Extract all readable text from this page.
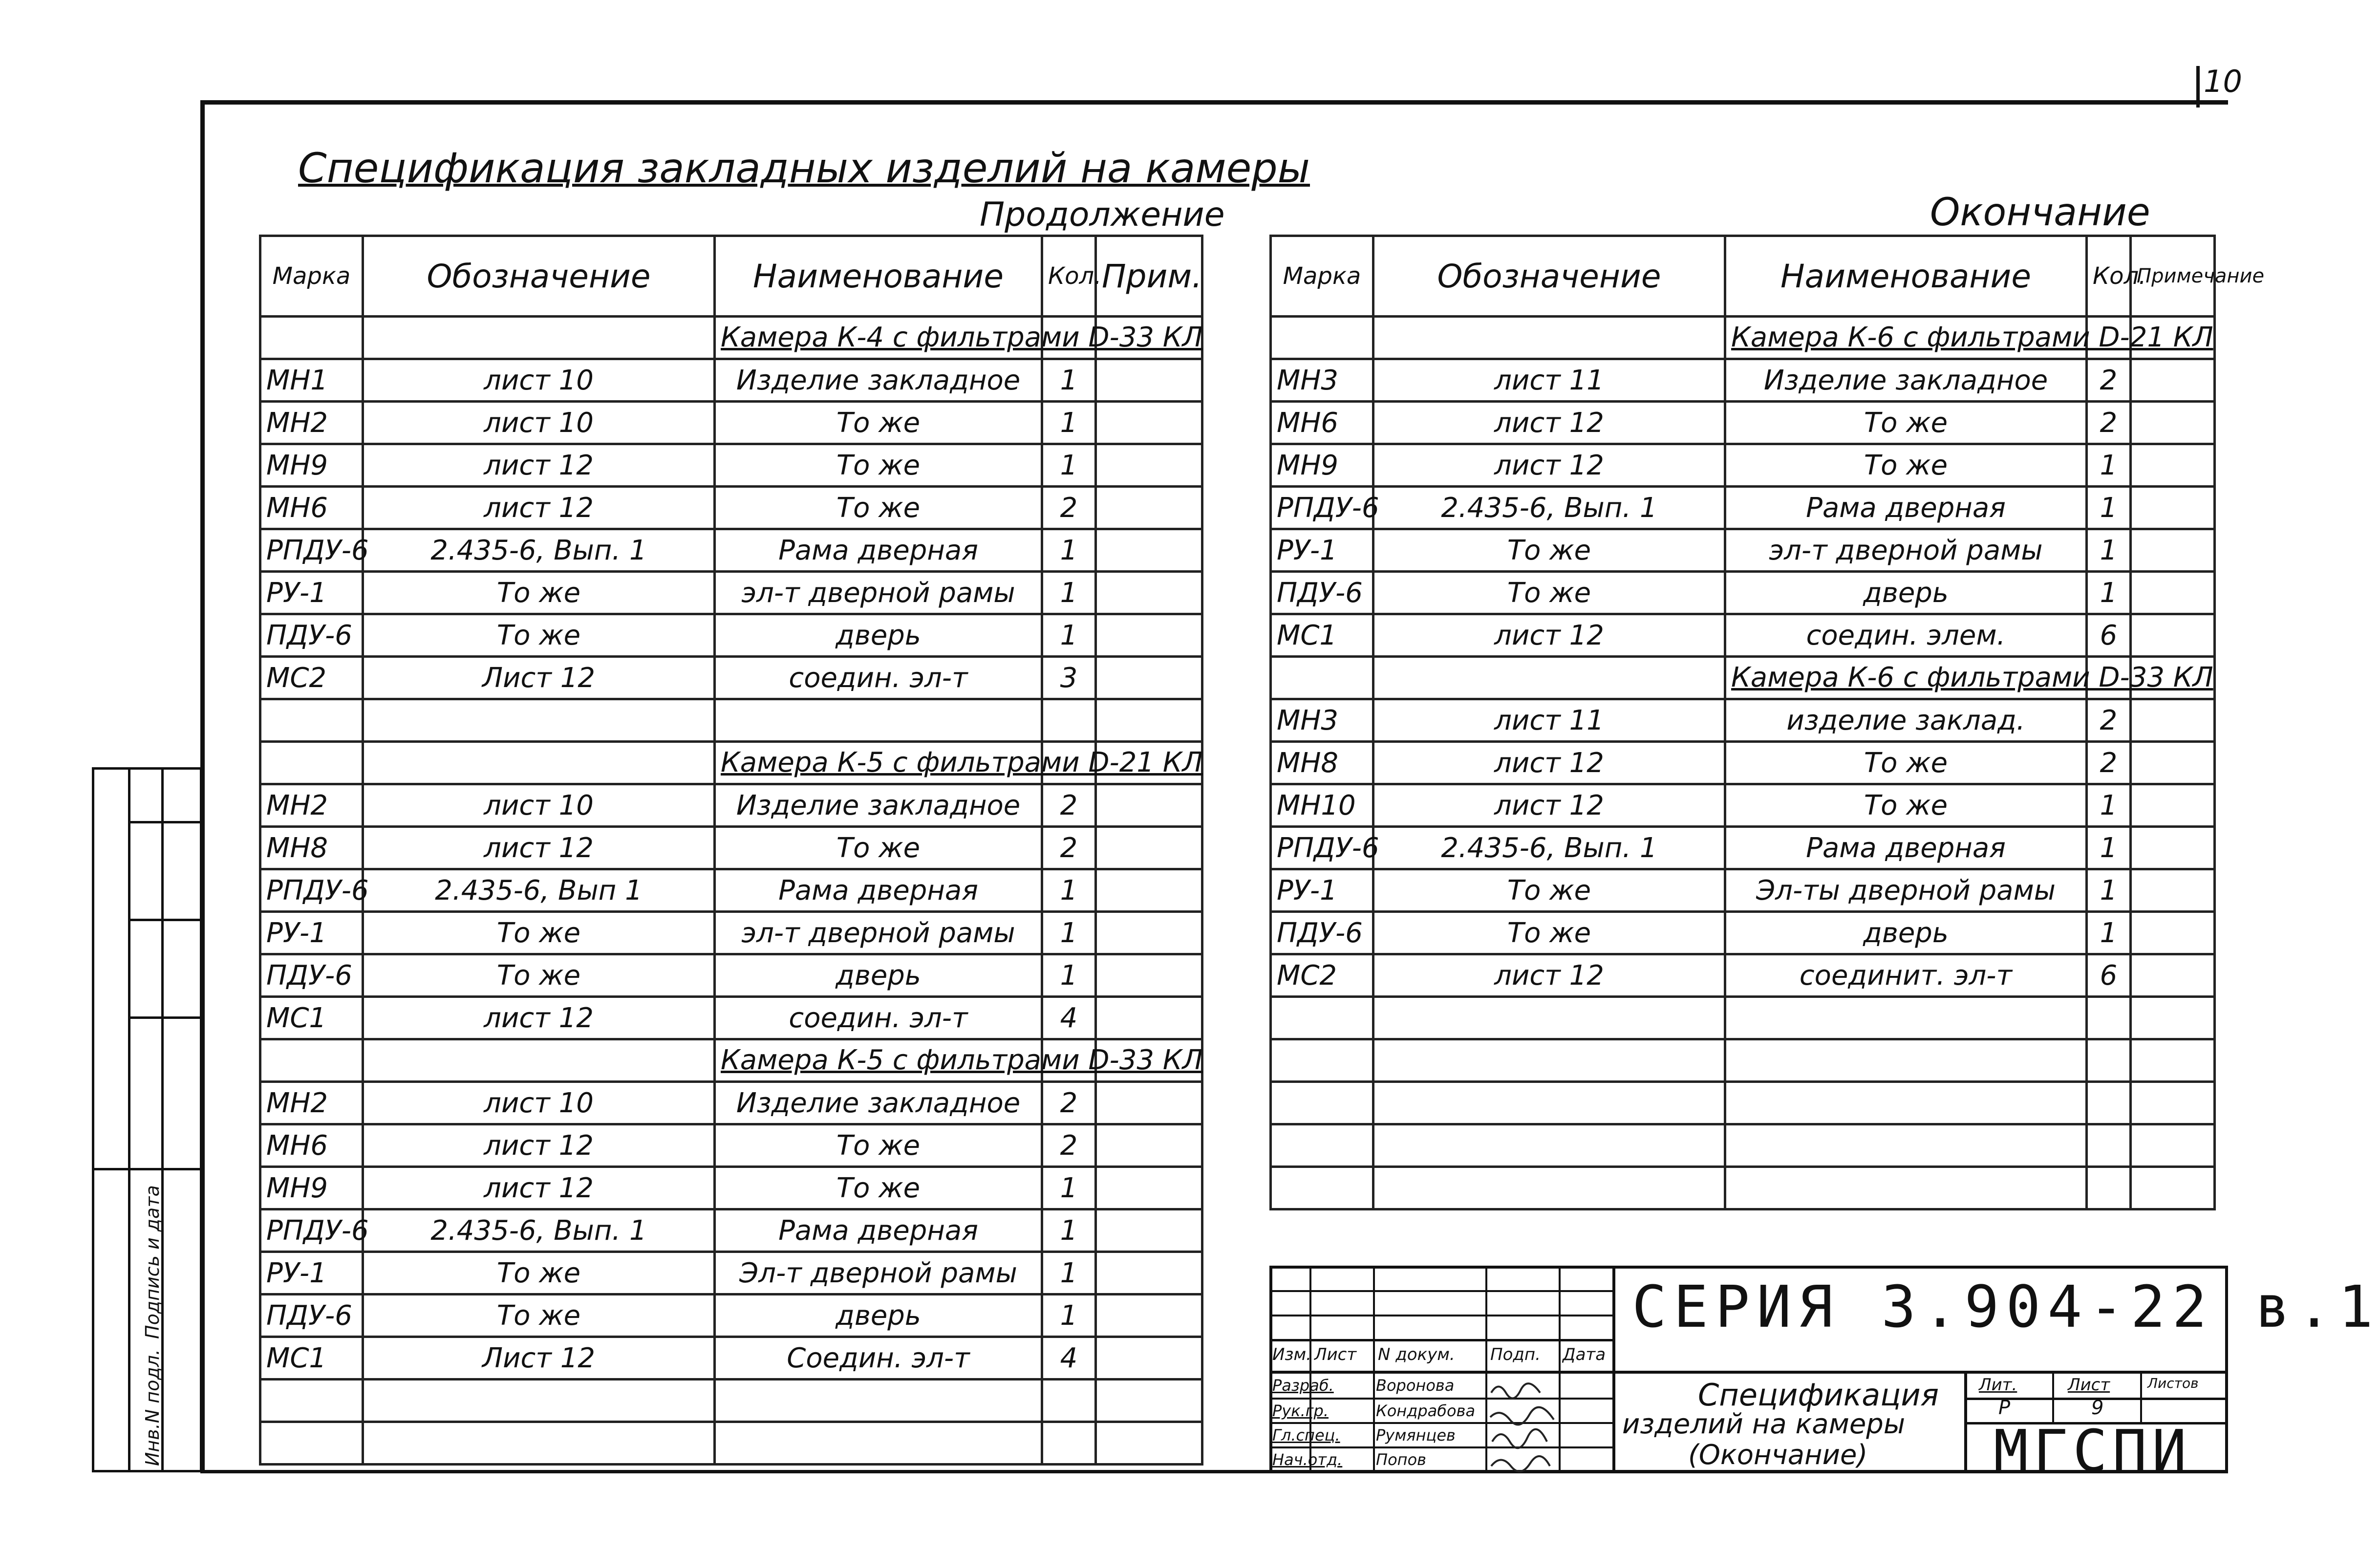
10
Спецификация закладных изделий на камеры
Продолжение	Окончание
Марка	Обозначение	Наименование	Кол.	Прим.
		Камера К-4 с фильтрами D-33 КЛ		
МН1	лист 10	Изделие закладное	1	
МН2	лист 10	То же	1	
МН9	лист 12	То же	1	
МН6	лист 12	То же	2	
РПДУ-6	2.435-6, Вып. 1	Рама дверная	1	
РУ-1	То же	эл-т дверной рамы	1	
ПДУ-6	То же	дверь	1	
МС2	Лист 12	соедин. эл-т	3	

		Камера К-5 с фильтрами D-21 КЛ		
МН2	лист 10	Изделие закладное	2	
МН8	лист 12	То же	2	
РПДУ-6	2.435-6, Вып 1	Рама дверная	1	
РУ-1	То же	эл-т дверной рамы	1	
ПДУ-6	То же	дверь	1	
МС1	лист 12	соедин. эл-т	4	
		Камера К-5 с фильтрами D-33 КЛ		
МН2	лист 10	Изделие закладное	2	
МН6	лист 12	То же	2	
МН9	лист 12	То же	1	
РПДУ-6	2.435-6, Вып. 1	Рама дверная	1	
РУ-1	То же	Эл-т дверной рамы	1	
ПДУ-6	То же	дверь	1	
МС1	Лист 12	Соедин. эл-т	4	

Марка	Обозначение	Наименование	Кол.	Примечание
		Камера К-6 с фильтрами D-21 КЛ		
МН3	лист 11	Изделие закладное	2	
МН6	лист 12	То же	2	
МН9	лист 12	То же	1	
РПДУ-6	2.435-6, Вып. 1	Рама дверная	1	
РУ-1	То же	эл-т дверной рамы	1	
ПДУ-6	То же	дверь	1	
МС1	лист 12	соедин. элем.	6	
		Камера К-6 с фильтрами D-33 КЛ		
МН3	лист 11	изделие заклад.	2	
МН8	лист 12	То же	2	
МН10	лист 12	То же	1	
РПДУ-6	2.435-6, Вып. 1	Рама дверная	1	
РУ-1	То же	Эл-ты дверной рамы	1	
ПДУ-6	То же	дверь	1	
МС2	лист 12	соединит. эл-т	6	

Подпись и дата
Инв.N подл.	Изм. Лист N докум. Подп. Дата
Разраб.	Воронова
Рук.гр.	Кондрабова
Гл.спец. Румянцев
Нач.отд. Попов
СЕРИЯ 3.904-22 в.1
Спецификация
изделий на камеры
(Окончание)
Лит.	Лист	Листов
Р	9
МГСПИ
